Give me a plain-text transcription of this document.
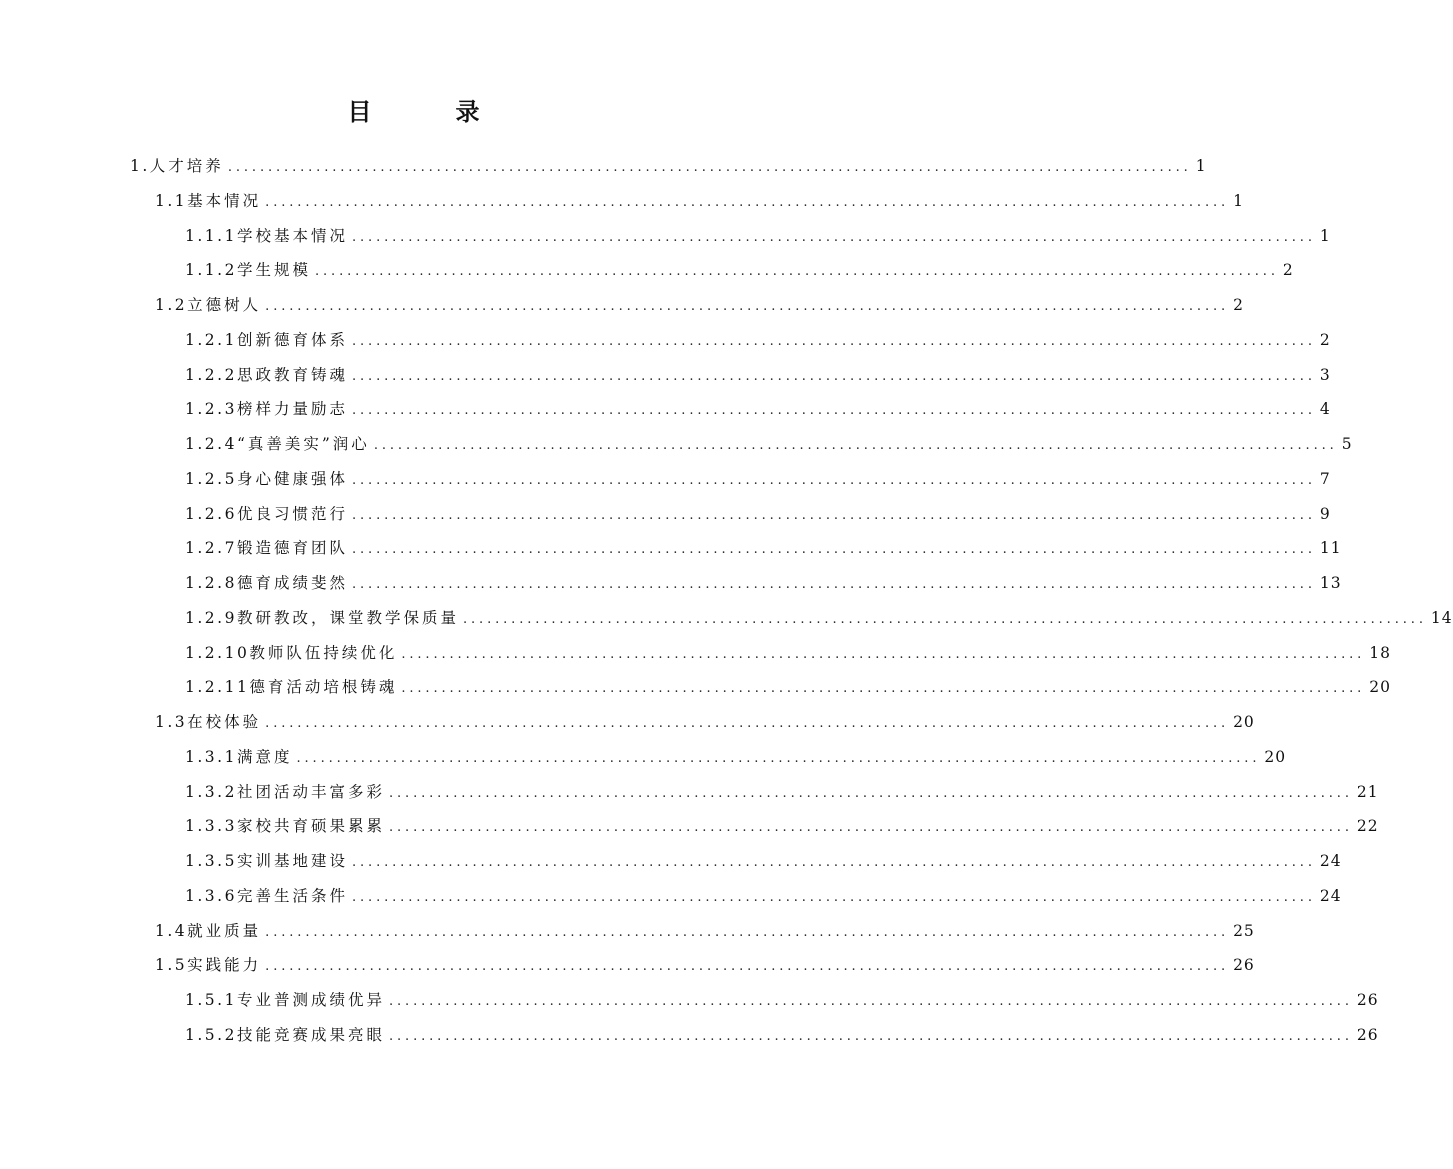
目　录
1. 人才培养 ........................................................................................................................ 1
1.1 基本情况 ........................................................................................................................ 1
1.1.1 学校基本情况 ........................................................................................................................ 1
1.1.2 学生规模 ........................................................................................................................ 2
1.2 立德树人 ........................................................................................................................ 2
1.2.1 创新德育体系 ........................................................................................................................ 2
1.2.2 思政教育铸魂 ........................................................................................................................ 3
1.2.3 榜样力量励志 ........................................................................................................................ 4
1.2.4 “真善美实”润心 ........................................................................................................................ 5
1.2.5 身心健康强体 ........................................................................................................................ 7
1.2.6 优良习惯范行 ........................................................................................................................ 9
1.2.7 锻造德育团队 ........................................................................................................................ 11
1.2.8 德育成绩斐然 ........................................................................................................................ 13
1.2.9 教研教改，课堂教学保质量 ........................................................................................................................ 14
1.2.10 教师队伍持续优化 ........................................................................................................................ 18
1.2.11 德育活动培根铸魂 ........................................................................................................................ 20
1.3 在校体验 ........................................................................................................................ 20
1.3.1 满意度 ........................................................................................................................ 20
1.3.2 社团活动丰富多彩 ........................................................................................................................ 21
1.3.3 家校共育硕果累累 ........................................................................................................................ 22
1.3.5 实训基地建设 ........................................................................................................................ 24
1.3.6 完善生活条件 ........................................................................................................................ 24
1.4 就业质量 ........................................................................................................................ 25
1.5 实践能力 ........................................................................................................................ 26
1.5.1 专业普测成绩优异 ........................................................................................................................ 26
1.5.2 技能竞赛成果亮眼 ........................................................................................................................ 26
